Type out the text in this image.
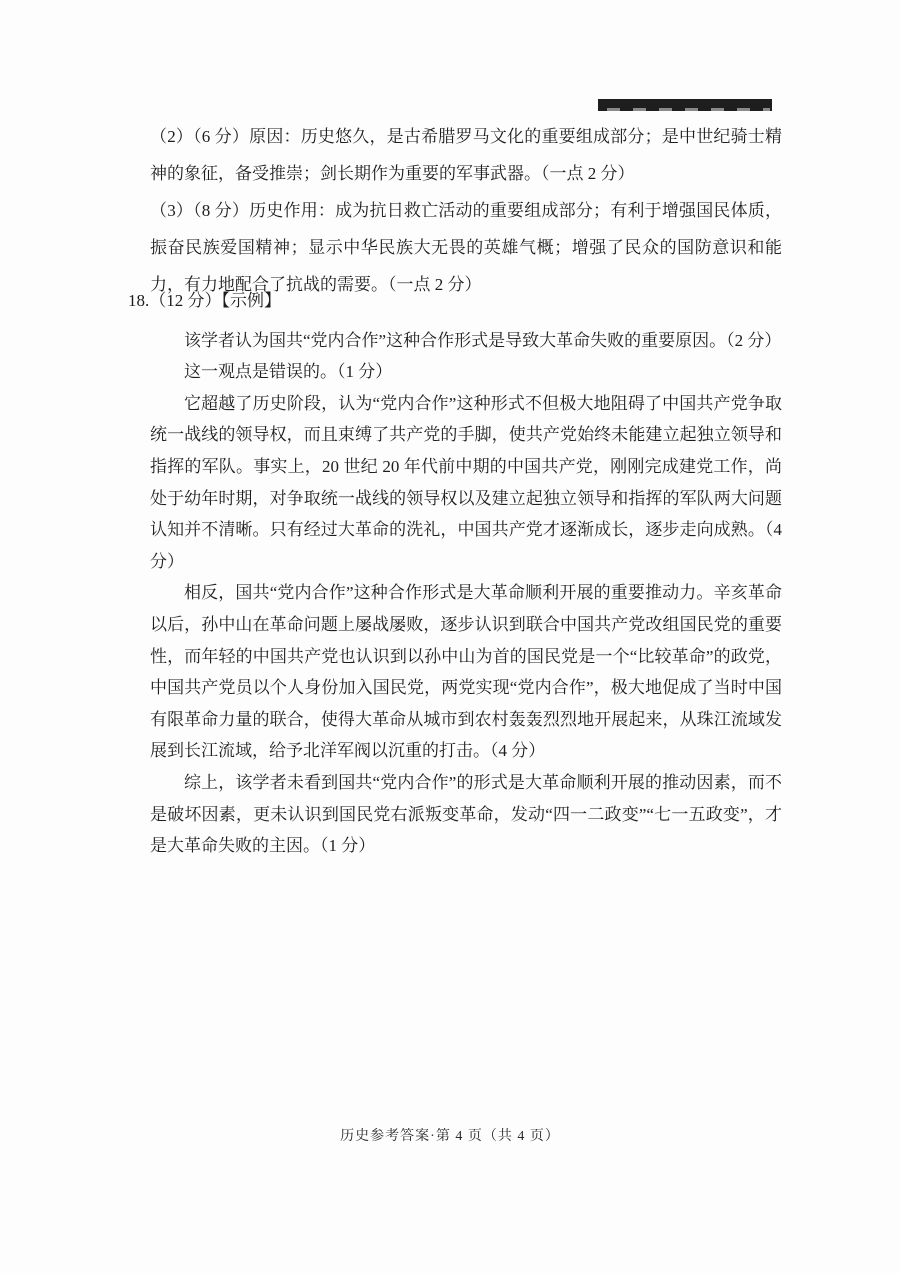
（2）（6 分）原因：历史悠久，是古希腊罗马文化的重要组成部分；是中世纪骑士精神的象征，备受推崇；剑长期作为重要的军事武器。（一点 2 分）

（3）（8 分）历史作用：成为抗日救亡活动的重要组成部分；有利于增强国民体质，振奋民族爱国精神；显示中华民族大无畏的英雄气概；增强了民众的国防意识和能力，有力地配合了抗战的需要。（一点 2 分）

18.（12 分）【示例】

该学者认为国共“党内合作”这种合作形式是导致大革命失败的重要原因。（2 分）

这一观点是错误的。（1 分）

它超越了历史阶段，认为“党内合作”这种形式不但极大地阻碍了中国共产党争取统一战线的领导权，而且束缚了共产党的手脚，使共产党始终未能建立起独立领导和指挥的军队。事实上，20 世纪 20 年代前中期的中国共产党，刚刚完成建党工作，尚处于幼年时期，对争取统一战线的领导权以及建立起独立领导和指挥的军队两大问题认知并不清晰。只有经过大革命的洗礼，中国共产党才逐渐成长，逐步走向成熟。（4 分）

相反，国共“党内合作”这种合作形式是大革命顺利开展的重要推动力。辛亥革命以后，孙中山在革命问题上屡战屡败，逐步认识到联合中国共产党改组国民党的重要性，而年轻的中国共产党也认识到以孙中山为首的国民党是一个“比较革命”的政党，中国共产党员以个人身份加入国民党，两党实现“党内合作”，极大地促成了当时中国有限革命力量的联合，使得大革命从城市到农村轰轰烈烈地开展起来，从珠江流域发展到长江流域，给予北洋军阀以沉重的打击。（4 分）

综上，该学者未看到国共“党内合作”的形式是大革命顺利开展的推动因素，而不是破坏因素，更未认识到国民党右派叛变革命，发动“四一二政变”“七一五政变”，才是大革命失败的主因。（1 分）

历史参考答案·第 4 页（共 4 页）
